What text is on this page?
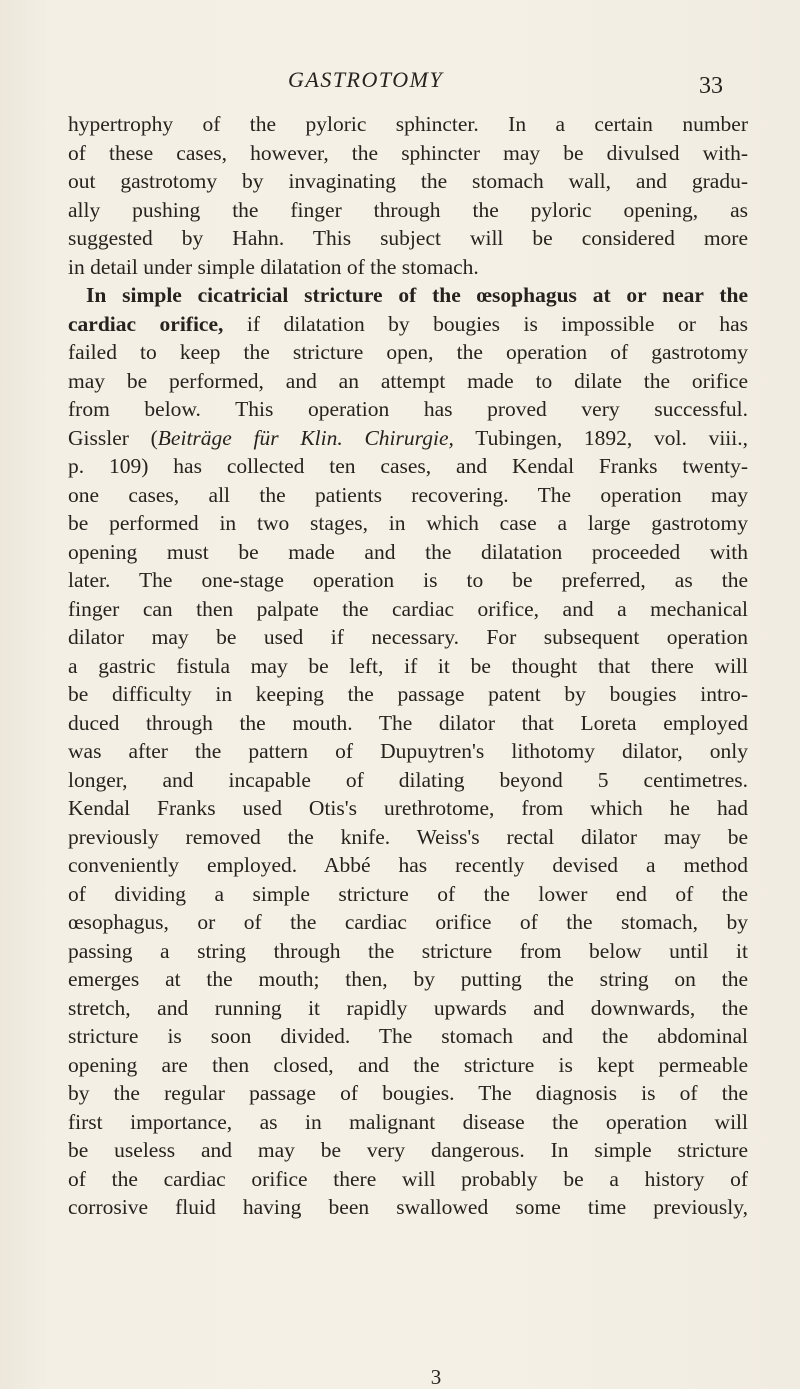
GASTROTOMY	33
hypertrophy of the pyloric sphincter. In a certain number
of these cases, however, the sphincter may be divulsed with-
out gastrotomy by invaginating the stomach wall, and gradu-
ally pushing the finger through the pyloric opening, as
suggested by Hahn. This subject will be considered more
in detail under simple dilatation of the stomach.
In simple cicatricial stricture of the œsophagus at or near the
cardiac orifice, if dilatation by bougies is impossible or has
failed to keep the stricture open, the operation of gastrotomy
may be performed, and an attempt made to dilate the orifice
from below. This operation has proved very successful.
Gissler (Beiträge für Klin. Chirurgie, Tubingen, 1892, vol. viii.,
p. 109) has collected ten cases, and Kendal Franks twenty-
one cases, all the patients recovering. The operation may
be performed in two stages, in which case a large gastrotomy
opening must be made and the dilatation proceeded with
later. The one-stage operation is to be preferred, as the
finger can then palpate the cardiac orifice, and a mechanical
dilator may be used if necessary. For subsequent operation
a gastric fistula may be left, if it be thought that there will
be difficulty in keeping the passage patent by bougies intro-
duced through the mouth. The dilator that Loreta employed
was after the pattern of Dupuytren's lithotomy dilator, only
longer, and incapable of dilating beyond 5 centimetres.
Kendal Franks used Otis's urethrotome, from which he had
previously removed the knife. Weiss's rectal dilator may be
conveniently employed. Abbé has recently devised a method
of dividing a simple stricture of the lower end of the
œsophagus, or of the cardiac orifice of the stomach, by
passing a string through the stricture from below until it
emerges at the mouth; then, by putting the string on the
stretch, and running it rapidly upwards and downwards, the
stricture is soon divided. The stomach and the abdominal
opening are then closed, and the stricture is kept permeable
by the regular passage of bougies. The diagnosis is of the
first importance, as in malignant disease the operation will
be useless and may be very dangerous. In simple stricture
of the cardiac orifice there will probably be a history of
corrosive fluid having been swallowed some time previously,
3
